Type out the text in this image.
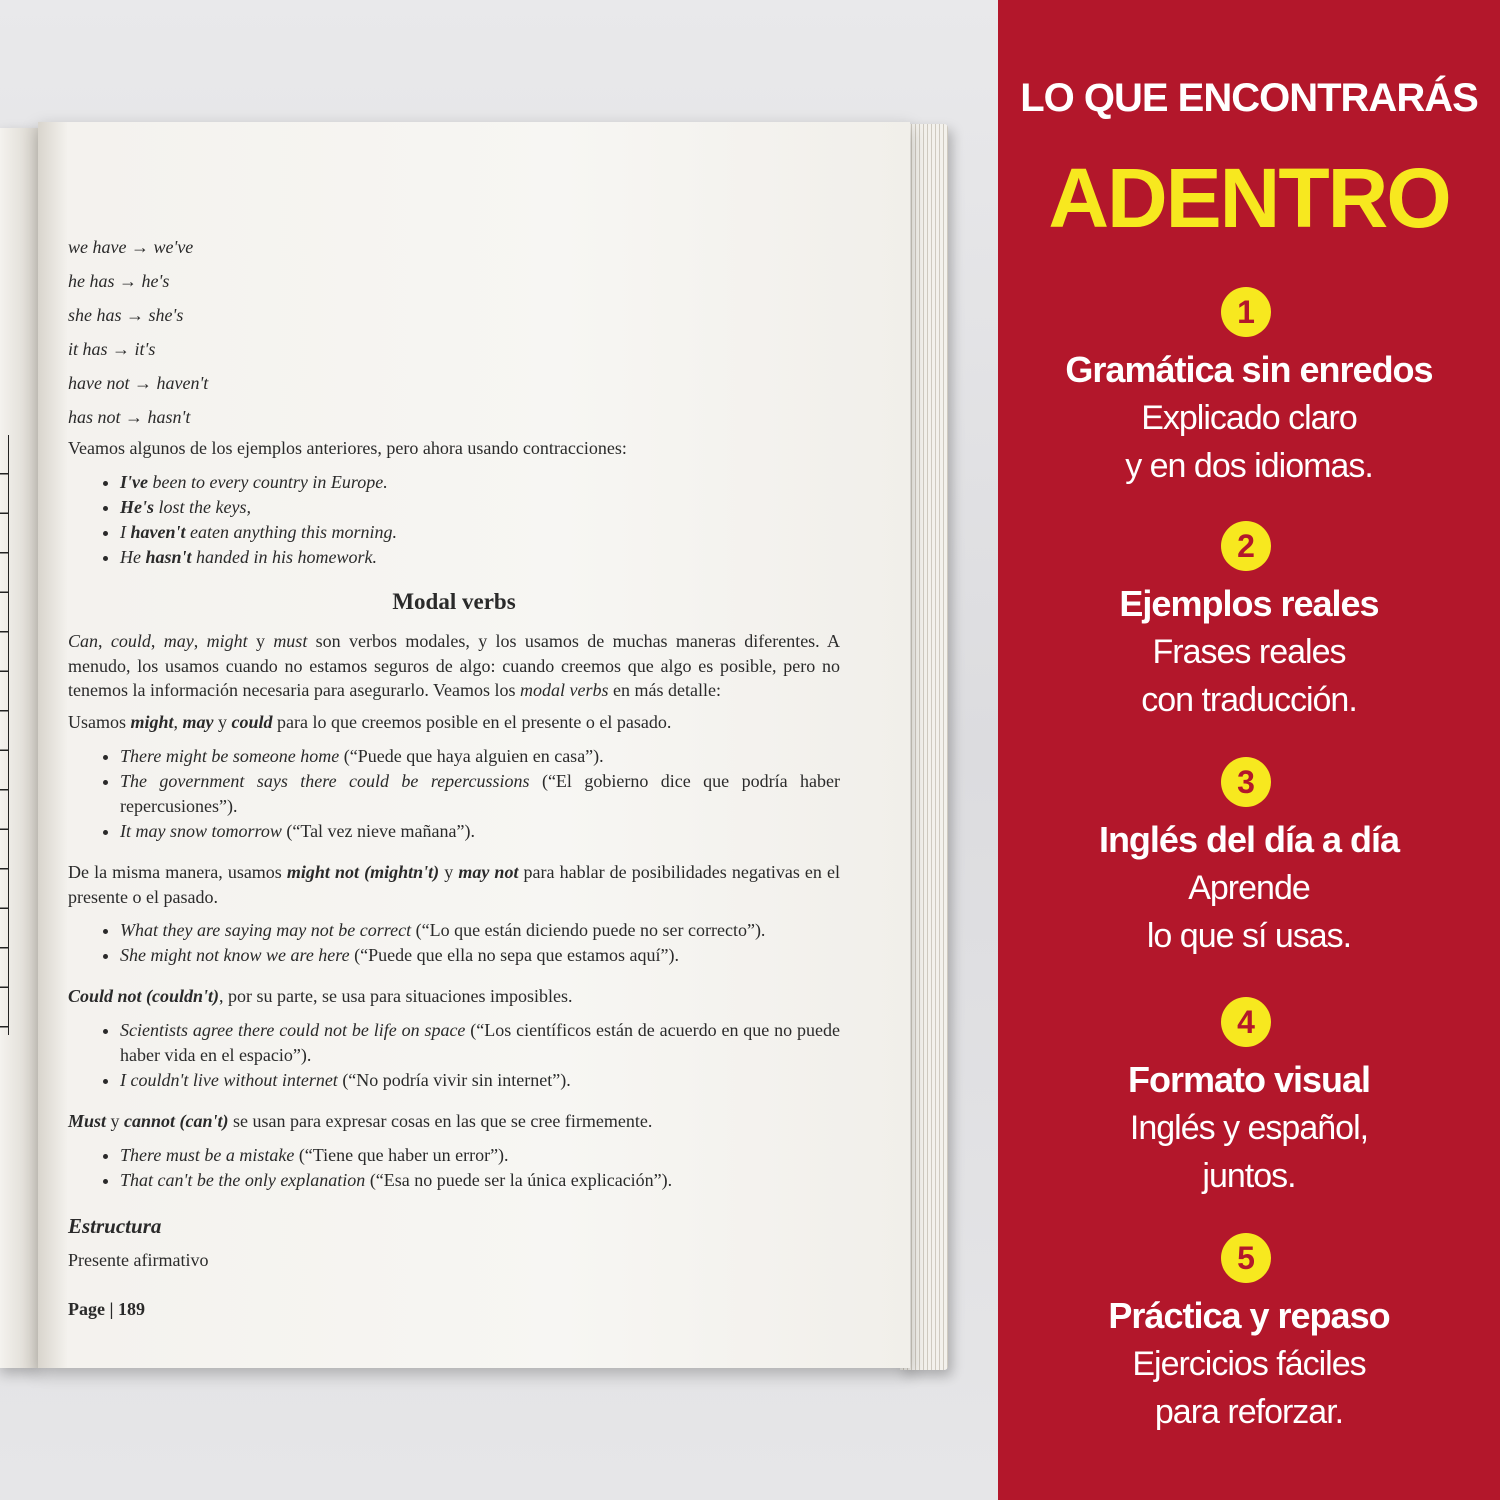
we have → we've
he has → he's
she has → she's
it has → it's
have not → haven't
has not → hasn't
Veamos algunos de los ejemplos anteriores, pero ahora usando contracciones:
• I've been to every country in Europe.
• He's lost the keys,
• I haven't eaten anything this morning.
• He hasn't handed in his homework.
Modal verbs
Can, could, may, might y must son verbos modales, y los usamos de muchas maneras diferentes. A menudo, los usamos cuando no estamos seguros de algo: cuando creemos que algo es posible, pero no tenemos la información necesaria para asegurarlo. Veamos los modal verbs en más detalle:
Usamos might, may y could para lo que creemos posible en el presente o el pasado.
• There might be someone home (“Puede que haya alguien en casa”).
• The government says there could be repercussions (“El gobierno dice que podría haber repercusiones”).
• It may snow tomorrow (“Tal vez nieve mañana”).
De la misma manera, usamos might not (mightn't) y may not para hablar de posibilidades negativas en el presente o el pasado.
• What they are saying may not be correct (“Lo que están diciendo puede no ser correcto”).
• She might not know we are here (“Puede que ella no sepa que estamos aquí”).
Could not (couldn't), por su parte, se usa para situaciones imposibles.
• Scientists agree there could not be life on space (“Los científicos están de acuerdo en que no puede haber vida en el espacio”).
• I couldn't live without internet (“No podría vivir sin internet”).
Must y cannot (can't) se usan para expresar cosas en las que se cree firmemente.
• There must be a mistake (“Tiene que haber un error”).
• That can't be the only explanation (“Esa no puede ser la única explicación”).
Estructura
Presente afirmativo
Page | 189
LO QUE ENCONTRARÁS
ADENTRO
1
Gramática sin enredos
Explicado claro
y en dos idiomas.
2
Ejemplos reales
Frases reales
con traducción.
3
Inglés del día a día
Aprende
lo que sí usas.
4
Formato visual
Inglés y español,
juntos.
5
Práctica y repaso
Ejercicios fáciles
para reforzar.
